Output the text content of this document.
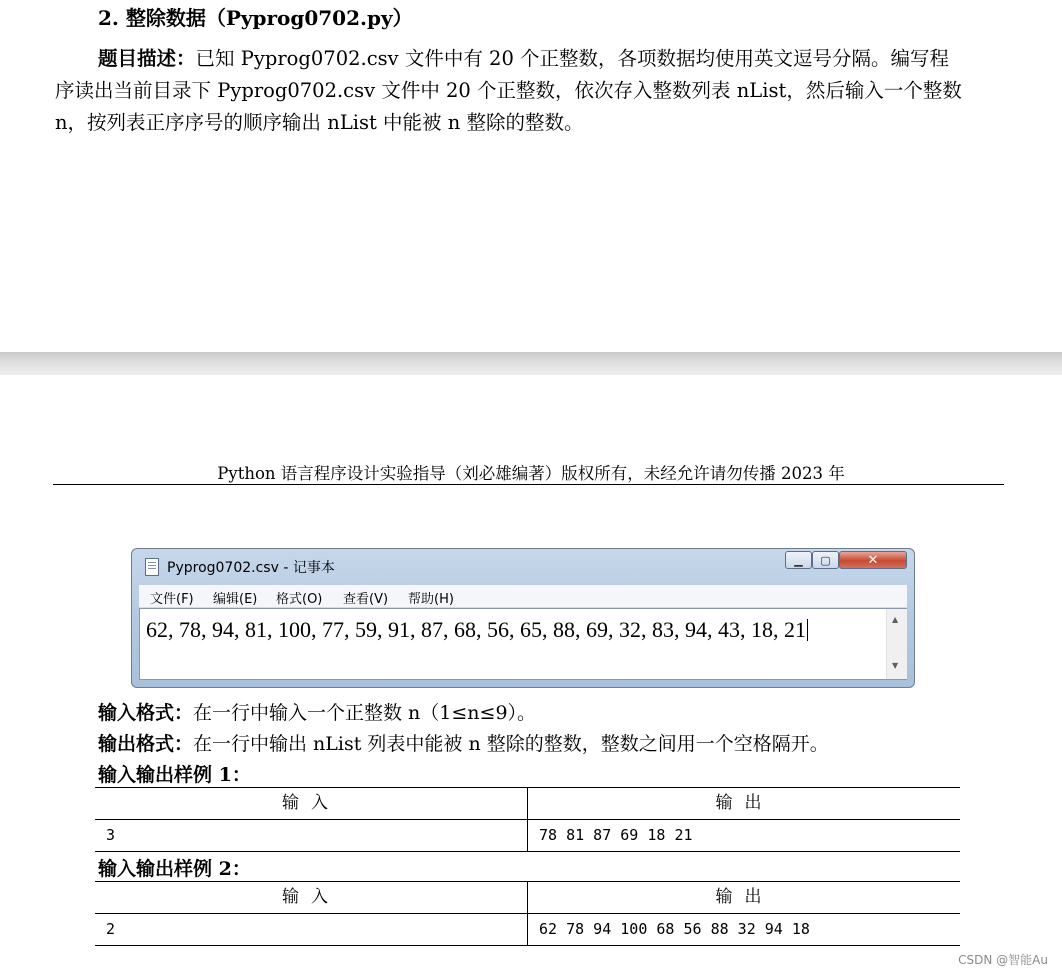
2. 整除数据（Pyprog0702.py）
题目描述：已知 Pyprog0702.csv 文件中有 20 个正整数，各项数据均使用英文逗号分隔。编写程
序读出当前目录下 Pyprog0702.csv 文件中 20 个正整数，依次存入整数列表 nList，然后输入一个整数
n，按列表正序序号的顺序输出 nList 中能被 n 整除的整数。
Python 语言程序设计实验指导（刘必雄编著）版权所有，未经允许请勿传播 2023 年
Pyprog0702.csv - 记事本	▁	▢	✕
文件(F) 编辑(E) 格式(O) 查看(V) 帮助(H)
62, 78, 94, 81, 100, 77, 59, 91, 87, 68, 56, 65, 88, 69, 32, 83, 94, 43, 18, 21	▲
▼
输入格式：在一行中输入一个正整数 n（1≤n≤9）。
输出格式：在一行中输出 nList 列表中能被 n 整除的整数，整数之间用一个空格隔开。
输入输出样例 1：
输入	输出
3	78 81 87 69 18 21
输入输出样例 2：
输入	输出
2	62 78 94 100 68 56 88 32 94 18
CSDN @智能Au
